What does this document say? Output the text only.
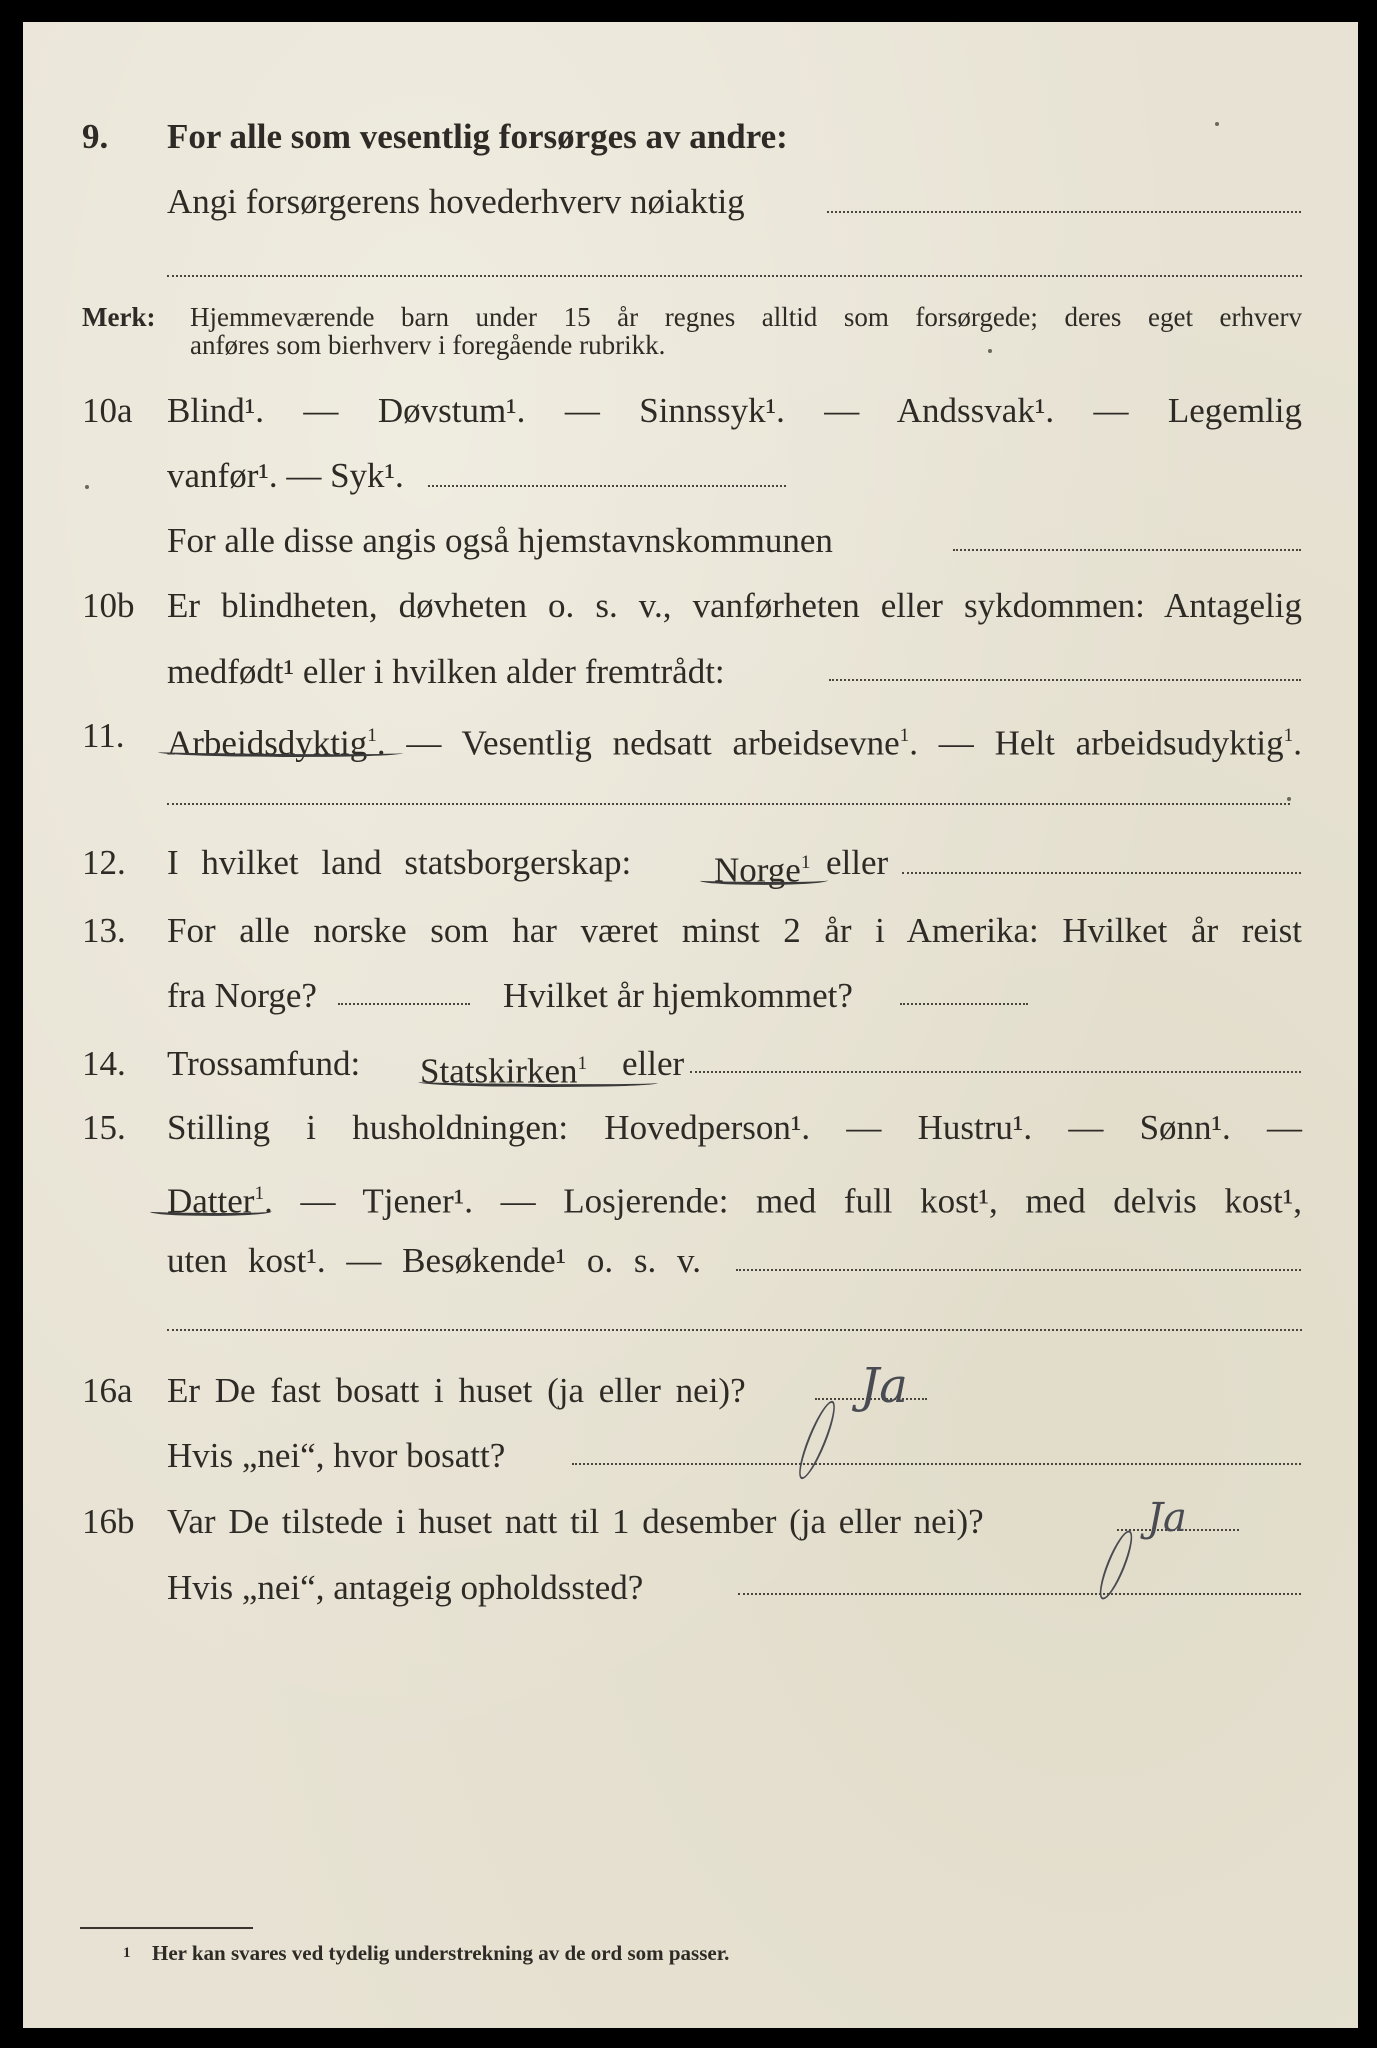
9. For alle som vesentlig forsørges av andre:
Angi forsørgerens hovederhverv nøiaktig
Merk: Hjemmeværende barn under 15 år regnes alltid som forsørgede; deres eget erhverv
anføres som bierhverv i foregående rubrikk.
10a Blind¹. — Døvstum¹. — Sinnssyk¹. — Andssvak¹. — Legemlig
vanfør¹. — Syk¹.
For alle disse angis også hjemstavnskommunen
10b Er blindheten, døvheten o. s. v., vanførheten eller sykdommen: Antagelig
medfødt¹ eller i hvilken alder fremtrådt:
11. Arbeidsdyktig$^1$. — Vesentlig nedsatt arbeidsevne$^1$. — Helt arbeidsudyktig$^1$.
12. I hvilket land statsborgerskap: Norge$^1$ eller
13. For alle norske som har været minst 2 år i Amerika: Hvilket år reist
fra Norge?	Hvilket år hjemkommet?
14. Trossamfund: Statskirken$^1$ eller
15. Stilling i husholdningen: Hovedperson¹. — Hustru¹. — Sønn¹. —
Datter$^1$. — Tjener¹. — Losjerende: med full kost¹, med delvis kost¹,
uten kost¹. — Besøkende¹ o. s. v.
16a Er De fast bosatt i huset (ja eller nei)? Ja
Hvis „nei“, hvor bosatt?
16b Var De tilstede i huset natt til 1 desember (ja eller nei)?	Ja
Hvis „nei“, antageig opholdssted?
1 Her kan svares ved tydelig understrekning av de ord som passer.
